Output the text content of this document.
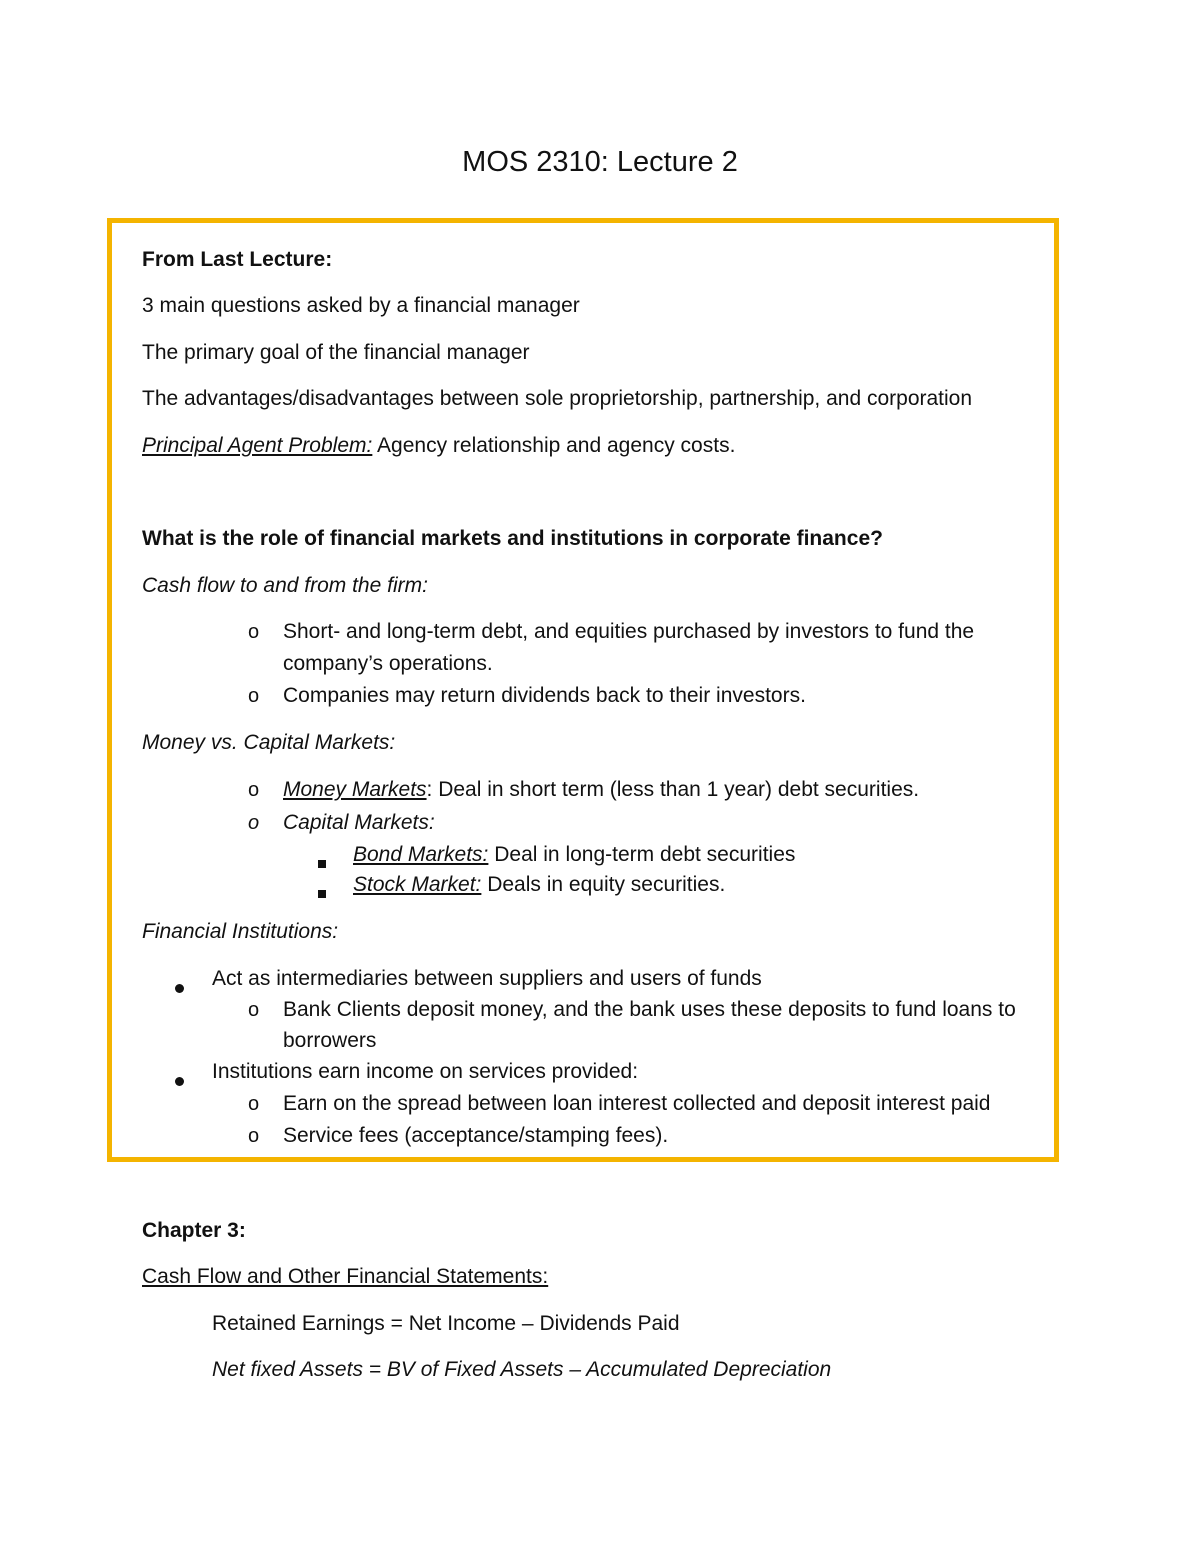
MOS 2310: Lecture 2
From Last Lecture:
3 main questions asked by a financial manager
The primary goal of the financial manager
The advantages/disadvantages between sole proprietorship, partnership, and corporation
Principal Agent Problem: Agency relationship and agency costs.
What is the role of financial markets and institutions in corporate finance?
Cash flow to and from the firm:
o Short- and long-term debt, and equities purchased by investors to fund the
company’s operations.
o Companies may return dividends back to their investors.
Money vs. Capital Markets:
o Money Markets: Deal in short term (less than 1 year) debt securities.
o Capital Markets:
Bond Markets: Deal in long-term debt securities
Stock Market: Deals in equity securities.
Financial Institutions:
Act as intermediaries between suppliers and users of funds
o Bank Clients deposit money, and the bank uses these deposits to fund loans to
borrowers
Institutions earn income on services provided:
o Earn on the spread between loan interest collected and deposit interest paid
o Service fees (acceptance/stamping fees).
Chapter 3:
Cash Flow and Other Financial Statements:
Retained Earnings = Net Income – Dividends Paid
Net fixed Assets = BV of Fixed Assets – Accumulated Depreciation
